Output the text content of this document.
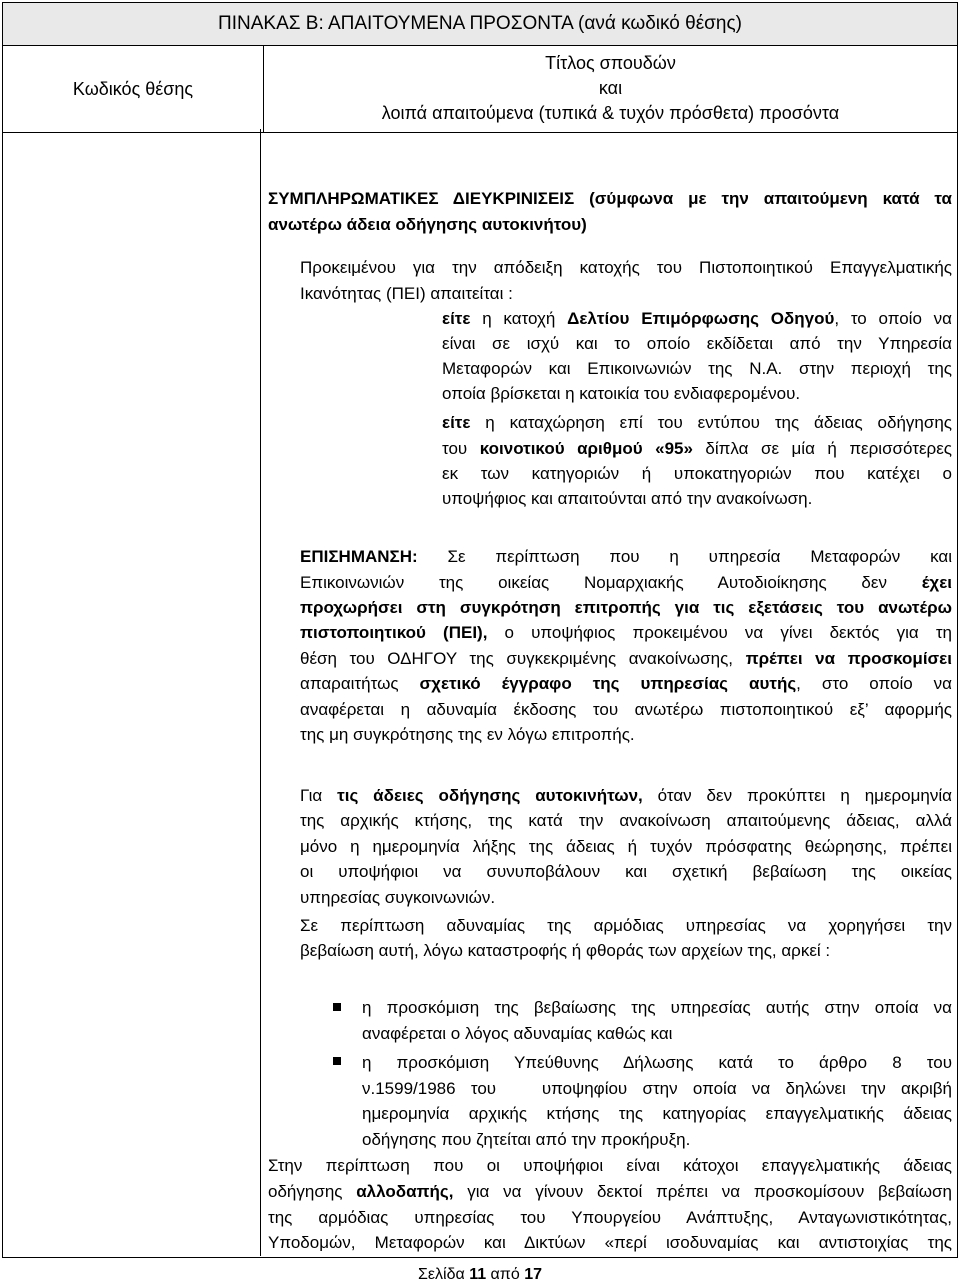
ΠΙΝΑΚΑΣ Β: ΑΠΑΙΤΟΥΜΕΝΑ ΠΡΟΣΟΝΤΑ (ανά κωδικό θέσης)
Κωδικός θέσης
Τίτλος σπουδών
και
λοιπά απαιτούμενα (τυπικά & τυχόν πρόσθετα) προσόντα

ΣΥΜΠΛΗΡΩΜΑΤΙΚΕΣ ΔΙΕΥΚΡΙΝΙΣΕΙΣ (σύμφωνα με την απαιτούμενη κατά τα

ανωτέρω άδεια οδήγησης αυτοκινήτου)

Προκειμένου για την απόδειξη κατοχής του Πιστοποιητικού Επαγγελματικής

Ικανότητας (ΠΕΙ) απαιτείται :

είτε η κατοχή Δελτίου Επιμόρφωσης Οδηγού, το οποίο να

είναι σε ισχύ και το οποίο εκδίδεται από την Υπηρεσία

Μεταφορών και Επικοινωνιών της Ν.Α. στην περιοχή της

οποία βρίσκεται η κατοικία του ενδιαφερομένου.

είτε η καταχώρηση επί του εντύπου της άδειας οδήγησης

του κοινοτικού αριθμού «95» δίπλα σε μία ή περισσότερες

εκ των κατηγοριών ή υποκατηγοριών που κατέχει ο

υποψήφιος και απαιτούνται από την ανακοίνωση.

ΕΠΙΣΗΜΑΝΣΗ: Σε περίπτωση που η υπηρεσία Μεταφορών και

Επικοινωνιών της οικείας Νομαρχιακής Αυτοδιοίκησης δεν έχει

προχωρήσει στη συγκρότηση επιτροπής για τις εξετάσεις του ανωτέρω

πιστοποιητικού (ΠΕΙ), ο υποψήφιος προκειμένου να γίνει δεκτός για τη

θέση του ΟΔΗΓΟΥ της συγκεκριμένης ανακοίνωσης, πρέπει να προσκομίσει

απαραιτήτως σχετικό έγγραφο της υπηρεσίας αυτής, στο οποίο να

αναφέρεται η αδυναμία έκδοσης του ανωτέρω πιστοποιητικού εξ’ αφορμής

της μη συγκρότησης της εν λόγω επιτροπής.

Για τις άδειες οδήγησης αυτοκινήτων, όταν δεν προκύπτει η ημερομηνία

της αρχικής κτήσης, της κατά την ανακοίνωση απαιτούμενης άδειας, αλλά

μόνο η ημερομηνία λήξης της άδειας ή τυχόν πρόσφατης θεώρησης, πρέπει

οι υποψήφιοι να συνυποβάλουν και σχετική βεβαίωση της οικείας

υπηρεσίας συγκοινωνιών.

Σε περίπτωση αδυναμίας της αρμόδιας υπηρεσίας να χορηγήσει την

βεβαίωση αυτή, λόγω καταστροφής ή φθοράς των αρχείων της, αρκεί :

η προσκόμιση της βεβαίωσης της υπηρεσίας αυτής στην οποία να

αναφέρεται ο λόγος αδυναμίας καθώς και

η προσκόμιση Υπεύθυνης Δήλωσης κατά το άρθρο 8 του

ν.1599/1986 του   υποψηφίου στην οποία να δηλώνει την ακριβή

ημερομηνία αρχικής κτήσης της κατηγορίας επαγγελματικής άδειας

οδήγησης που ζητείται από την προκήρυξη.

Στην περίπτωση που οι υποψήφιοι είναι κάτοχοι επαγγελματικής άδειας

οδήγησης αλλοδαπής, για να γίνουν δεκτοί πρέπει να προσκομίσουν βεβαίωση

της αρμόδιας υπηρεσίας του Υπουργείου Ανάπτυξης, Ανταγωνιστικότητας,

Υποδομών, Μεταφορών και Δικτύων «περί ισοδυναμίας και αντιστοιχίας της

Σελίδα 11 από 17
